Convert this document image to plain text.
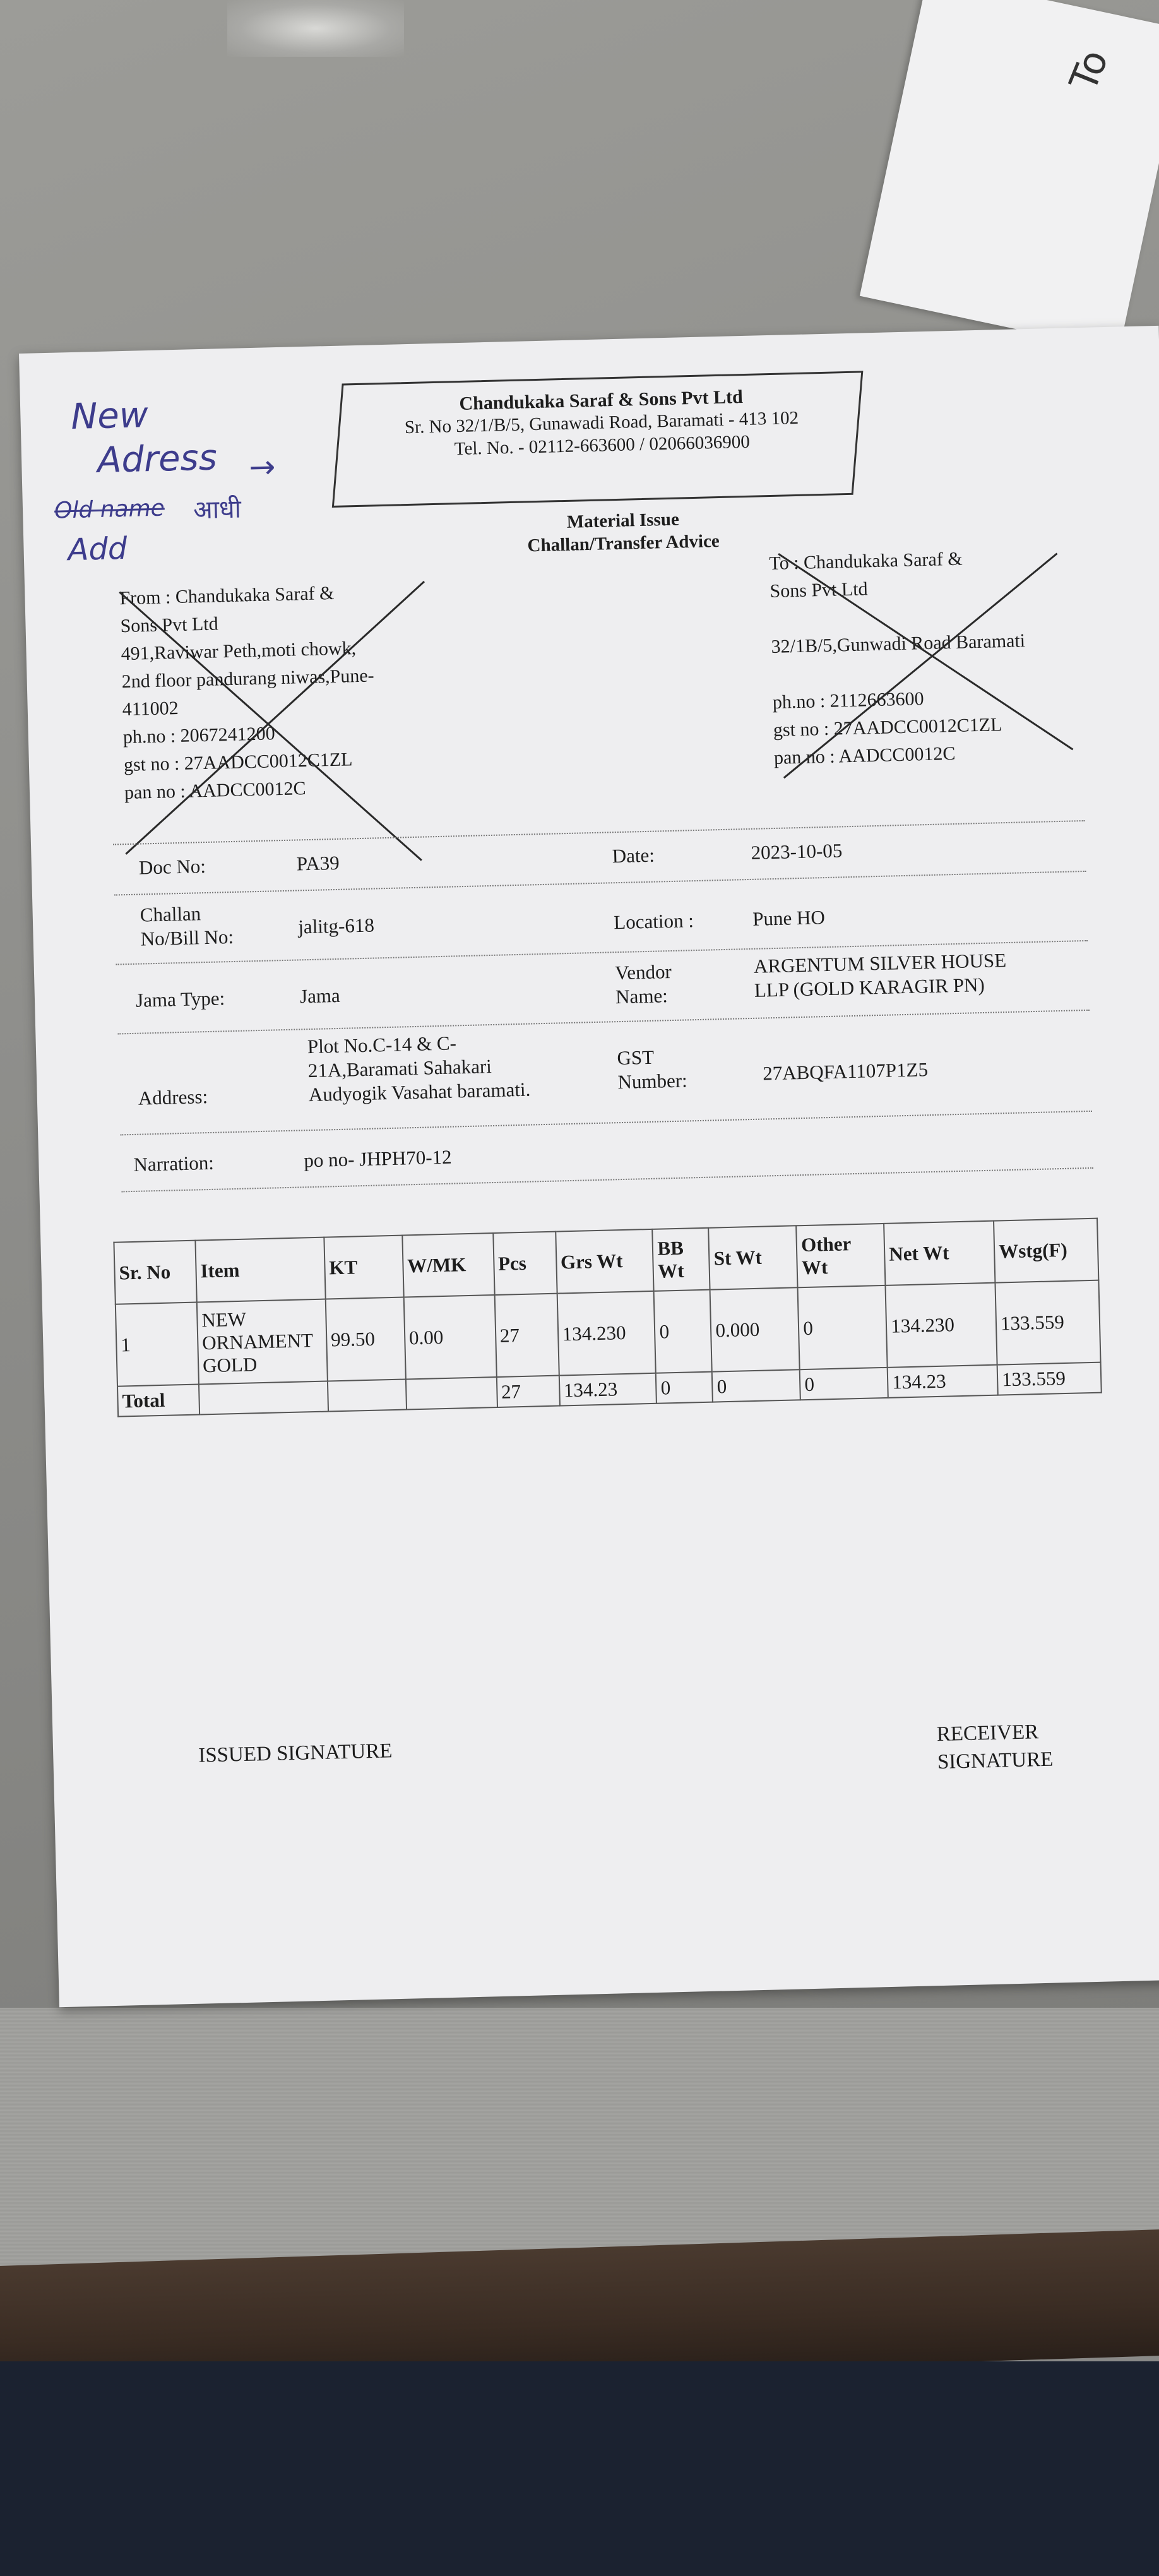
To
New
Adress →
Old name आधी
Add
Chandukaka Saraf & Sons Pvt Ltd
Sr. No 32/1/B/5, Gunawadi Road, Baramati - 413 102
Tel. No. - 02112-663600 / 02066036900
Material Issue
Challan/Transfer Advice
From : Chandukaka Saraf &
Sons Pvt Ltd
491,Raviwar Peth,moti chowk,
2nd floor pandurang niwas,Pune-
411002
ph.no : 2067241200
gst no : 27AADCC0012C1ZL
pan no : AADCC0012C
To : Chandukaka Saraf &
Sons Pvt Ltd
32/1B/5,Gunwadi Road Baramati
ph.no : 2112663600
gst no : 27AADCC0012C1ZL
pan no : AADCC0012C
Doc No:	PA39	Date:	2023-10-05
Challan
No/Bill No:	jalitg-618	Location :	Pune HO
Jama Type:	Jama
Vendor
Name:
ARGENTUM SILVER HOUSE
LLP (GOLD KARAGIR PN)
Address:
Plot No.C-14 & C-
21A,Baramati Sahakari
Audyogik Vasahat baramati.
GST
Number:	27ABQFA1107P1Z5
Narration:	po no- JHPH70-12
Sr. No	Item	KT	W/MK	Pcs	Grs Wt	BB Wt	St Wt	Other Wt	Net Wt	Wstg(F)
1	NEW ORNAMENT GOLD	99.50	0.00	27	134.230	0	0.000	0	134.230	133.559
Total				27	134.23	0	0	0	134.23	133.559
ISSUED SIGNATURE
RECEIVER
SIGNATURE
